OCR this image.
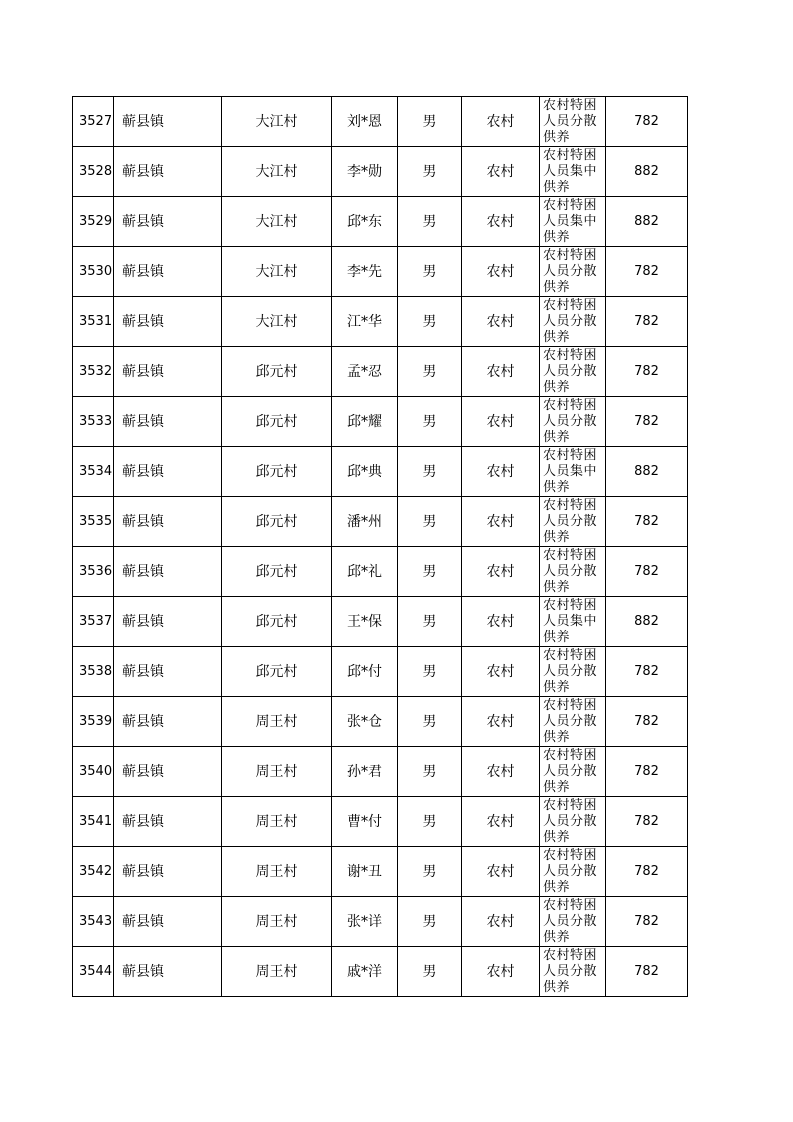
3527	蕲县镇	大江村	刘*恩	男	农村	农村特困人员分散供养	782
3528	蕲县镇	大江村	李*勋	男	农村	农村特困人员集中供养	882
3529	蕲县镇	大江村	邱*东	男	农村	农村特困人员集中供养	882
3530	蕲县镇	大江村	李*先	男	农村	农村特困人员分散供养	782
3531	蕲县镇	大江村	江*华	男	农村	农村特困人员分散供养	782
3532	蕲县镇	邱元村	孟*忍	男	农村	农村特困人员分散供养	782
3533	蕲县镇	邱元村	邱*耀	男	农村	农村特困人员分散供养	782
3534	蕲县镇	邱元村	邱*典	男	农村	农村特困人员集中供养	882
3535	蕲县镇	邱元村	潘*州	男	农村	农村特困人员分散供养	782
3536	蕲县镇	邱元村	邱*礼	男	农村	农村特困人员分散供养	782
3537	蕲县镇	邱元村	王*保	男	农村	农村特困人员集中供养	882
3538	蕲县镇	邱元村	邱*付	男	农村	农村特困人员分散供养	782
3539	蕲县镇	周王村	张*仓	男	农村	农村特困人员分散供养	782
3540	蕲县镇	周王村	孙*君	男	农村	农村特困人员分散供养	782
3541	蕲县镇	周王村	曹*付	男	农村	农村特困人员分散供养	782
3542	蕲县镇	周王村	谢*丑	男	农村	农村特困人员分散供养	782
3543	蕲县镇	周王村	张*详	男	农村	农村特困人员分散供养	782
3544	蕲县镇	周王村	戚*洋	男	农村	农村特困人员分散供养	782
